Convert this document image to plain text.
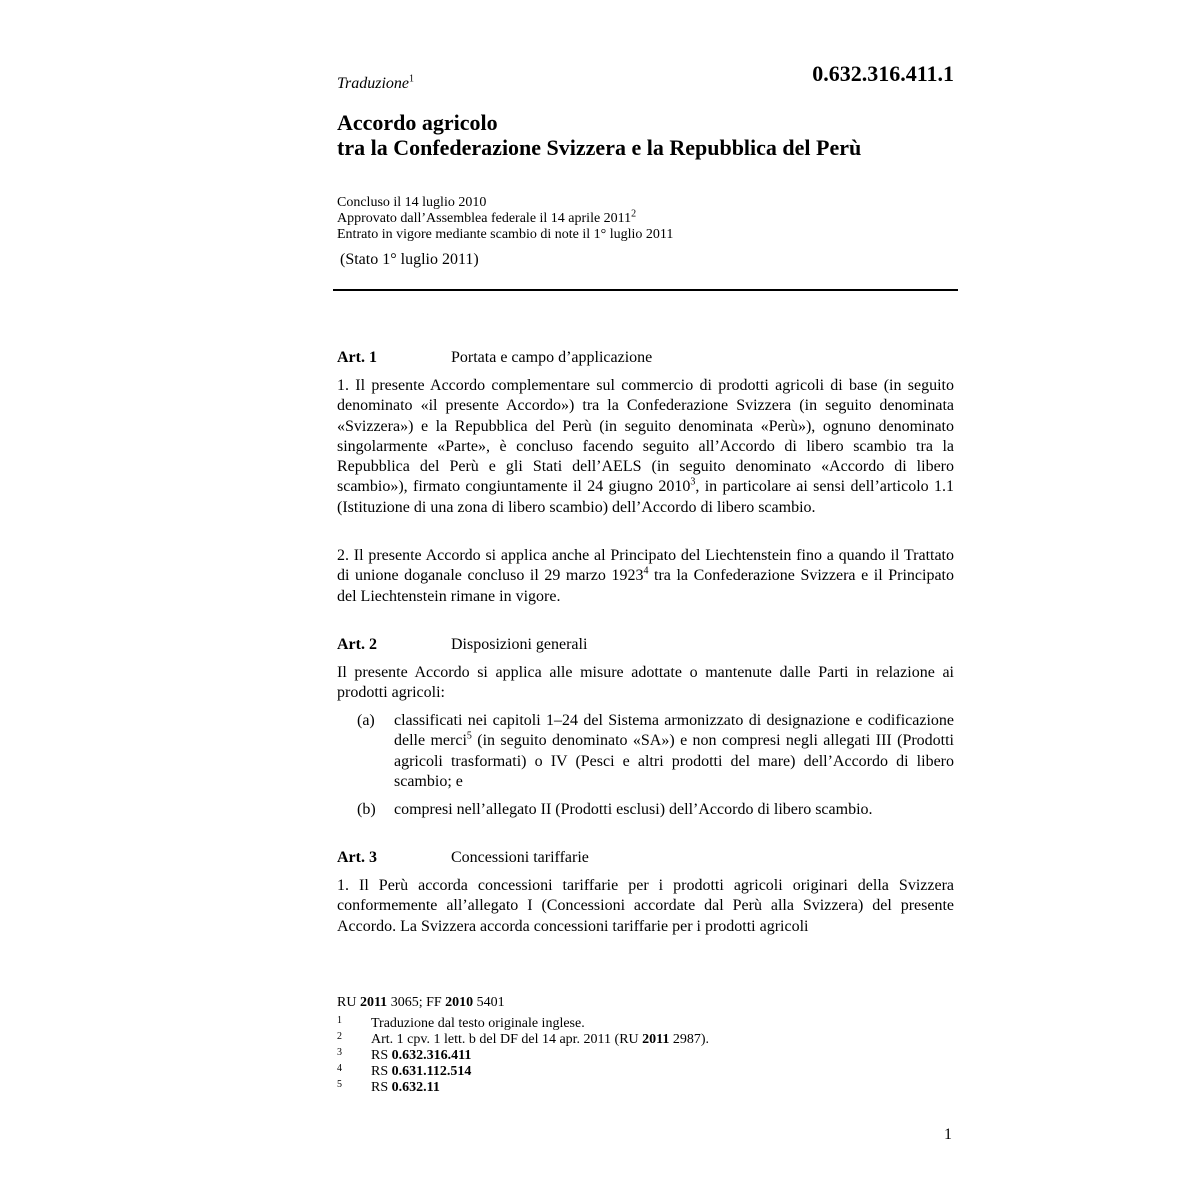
Traduzione$^1$	0.632.316.411.1
Accordo agricolo
tra la Confederazione Svizzera e la Repubblica del Perù
Concluso il 14 luglio 2010
Approvato dall’Assemblea federale il 14 aprile 2011$^2$
Entrato in vigore mediante scambio di note il 1° luglio 2011
(Stato 1° luglio 2011)
Art. 1	Portata e campo d’applicazione
1. Il presente Accordo complementare sul commercio di prodotti agricoli di base (in seguito denominato «il presente Accordo») tra la Confederazione Svizzera (in seguito denominata «Svizzera») e la Repubblica del Perù (in seguito denominata «Perù»), ognuno denominato singolarmente «Parte», è concluso facendo seguito all’Accordo di libero scambio tra la Repubblica del Perù e gli Stati dell’AELS (in seguito denominato «Accordo di libero scambio»), firmato congiuntamente il 24 giugno 2010$^3$, in particolare ai sensi dell’articolo 1.1 (Istituzione di una zona di libero scambio) dell’Accordo di libero scambio.
2. Il presente Accordo si applica anche al Principato del Liechtenstein fino a quando il Trattato di unione doganale concluso il 29 marzo 1923$^4$ tra la Confederazione Svizzera e il Principato del Liechtenstein rimane in vigore.
Art. 2	Disposizioni generali
Il presente Accordo si applica alle misure adottate o mantenute dalle Parti in relazione ai prodotti agricoli:
(a) classificati nei capitoli 1–24 del Sistema armonizzato di designazione e codificazione delle merci$^5$ (in seguito denominato «SA») e non compresi negli allegati III (Prodotti agricoli trasformati) o IV (Pesci e altri prodotti del mare) dell’Accordo di libero scambio; e
(b) compresi nell’allegato II (Prodotti esclusi) dell’Accordo di libero scambio.
Art. 3	Concessioni tariffarie
1. Il Perù accorda concessioni tariffarie per i prodotti agricoli originari della Svizzera conformemente all’allegato I (Concessioni accordate dal Perù alla Svizzera) del presente Accordo. La Svizzera accorda concessioni tariffarie per i prodotti agricoli
RU 2011 3065; FF 2010 5401
1 Traduzione dal testo originale inglese.
2 Art. 1 cpv. 1 lett. b del DF del 14 apr. 2011 (RU 2011 2987).
3 RS 0.632.316.411
4 RS 0.631.112.514
5 RS 0.632.11
1
